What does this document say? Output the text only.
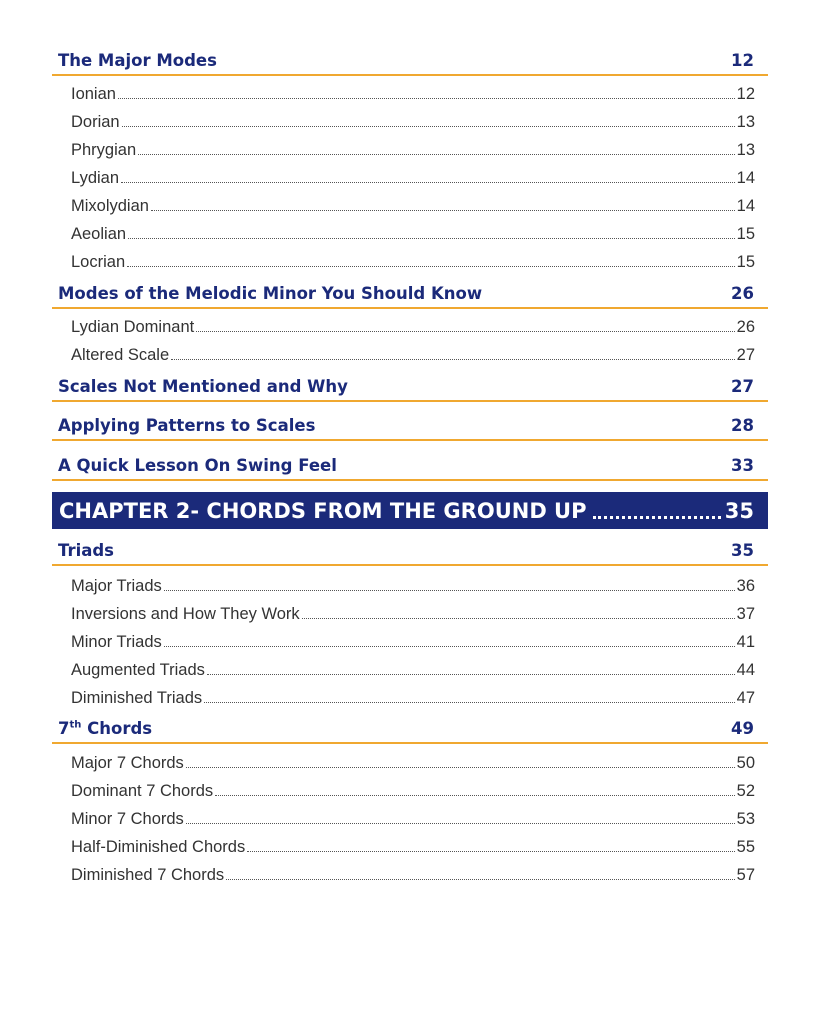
The Major Modes	12
Ionian	12
Dorian	13
Phrygian	13
Lydian	14
Mixolydian	14
Aeolian	15
Locrian	15
Modes of the Melodic Minor You Should Know	26
Lydian Dominant	26
Altered Scale	27
Scales Not Mentioned and Why	27
Applying Patterns to Scales	28
A Quick Lesson On Swing Feel	33
CHAPTER 2- CHORDS FROM THE GROUND UP	35
Triads	35
Major Triads	36
Inversions and How They Work	37
Minor Triads	41
Augmented Triads	44
Diminished Triads	47
7th Chords	49
Major 7 Chords	50
Dominant 7 Chords	52
Minor 7 Chords	53
Half-Diminished Chords	55
Diminished 7 Chords	57
